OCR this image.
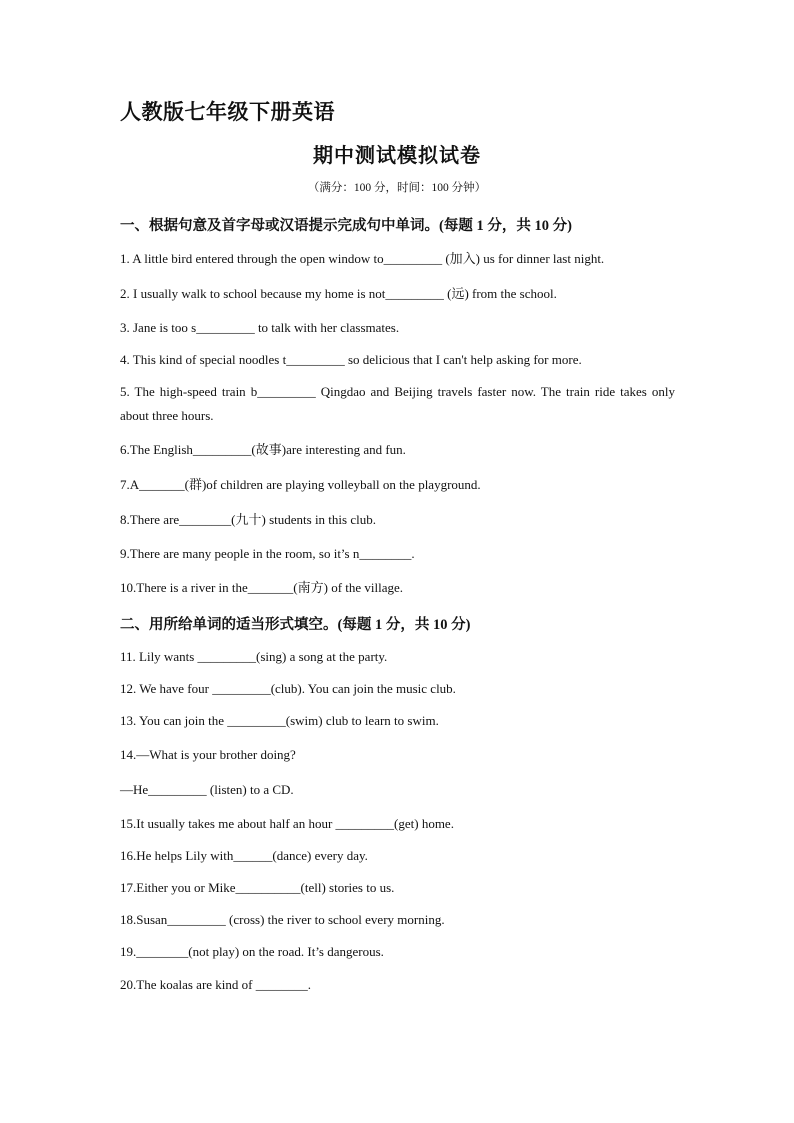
人教版七年级下册英语
期中测试模拟试卷
（满分：100 分，时间：100 分钟）
一、根据句意及首字母或汉语提示完成句中单词。(每题 1 分，共 10 分)
1. A little bird entered through the open window to_________ (加入) us for dinner last night.
2. I usually walk to school because my home is not_________ (远) from the school.
3. Jane is too s_________ to talk with her classmates.
4. This kind of special noodles t_________ so delicious that I can't help asking for more.
5. The high-speed train b_________ Qingdao and Beijing travels faster now. The train ride takes only about three hours.
6.The English_________(故事)are interesting and fun.
7.A_______(群)of children are playing volleyball on the playground.
8.There are________(九十) students in this club.
9.There are many people in the room, so it’s n________.
10.There is a river in the_______(南方) of the village.
二、用所给单词的适当形式填空。(每题 1 分，共 10 分)
11. Lily wants _________(sing) a song at the party.
12. We have four _________(club). You can join the music club.
13. You can join the _________(swim) club to learn to swim.
14.—What is your brother doing?
—He_________ (listen) to a CD.
15.It usually takes me about half an hour _________(get) home.
16.He helps Lily with______(dance) every day.
17.Either you or Mike__________(tell) stories to us.
18.Susan_________ (cross) the river to school every morning.
19.________(not play) on the road. It’s dangerous.
20.The koalas are kind of ________.
